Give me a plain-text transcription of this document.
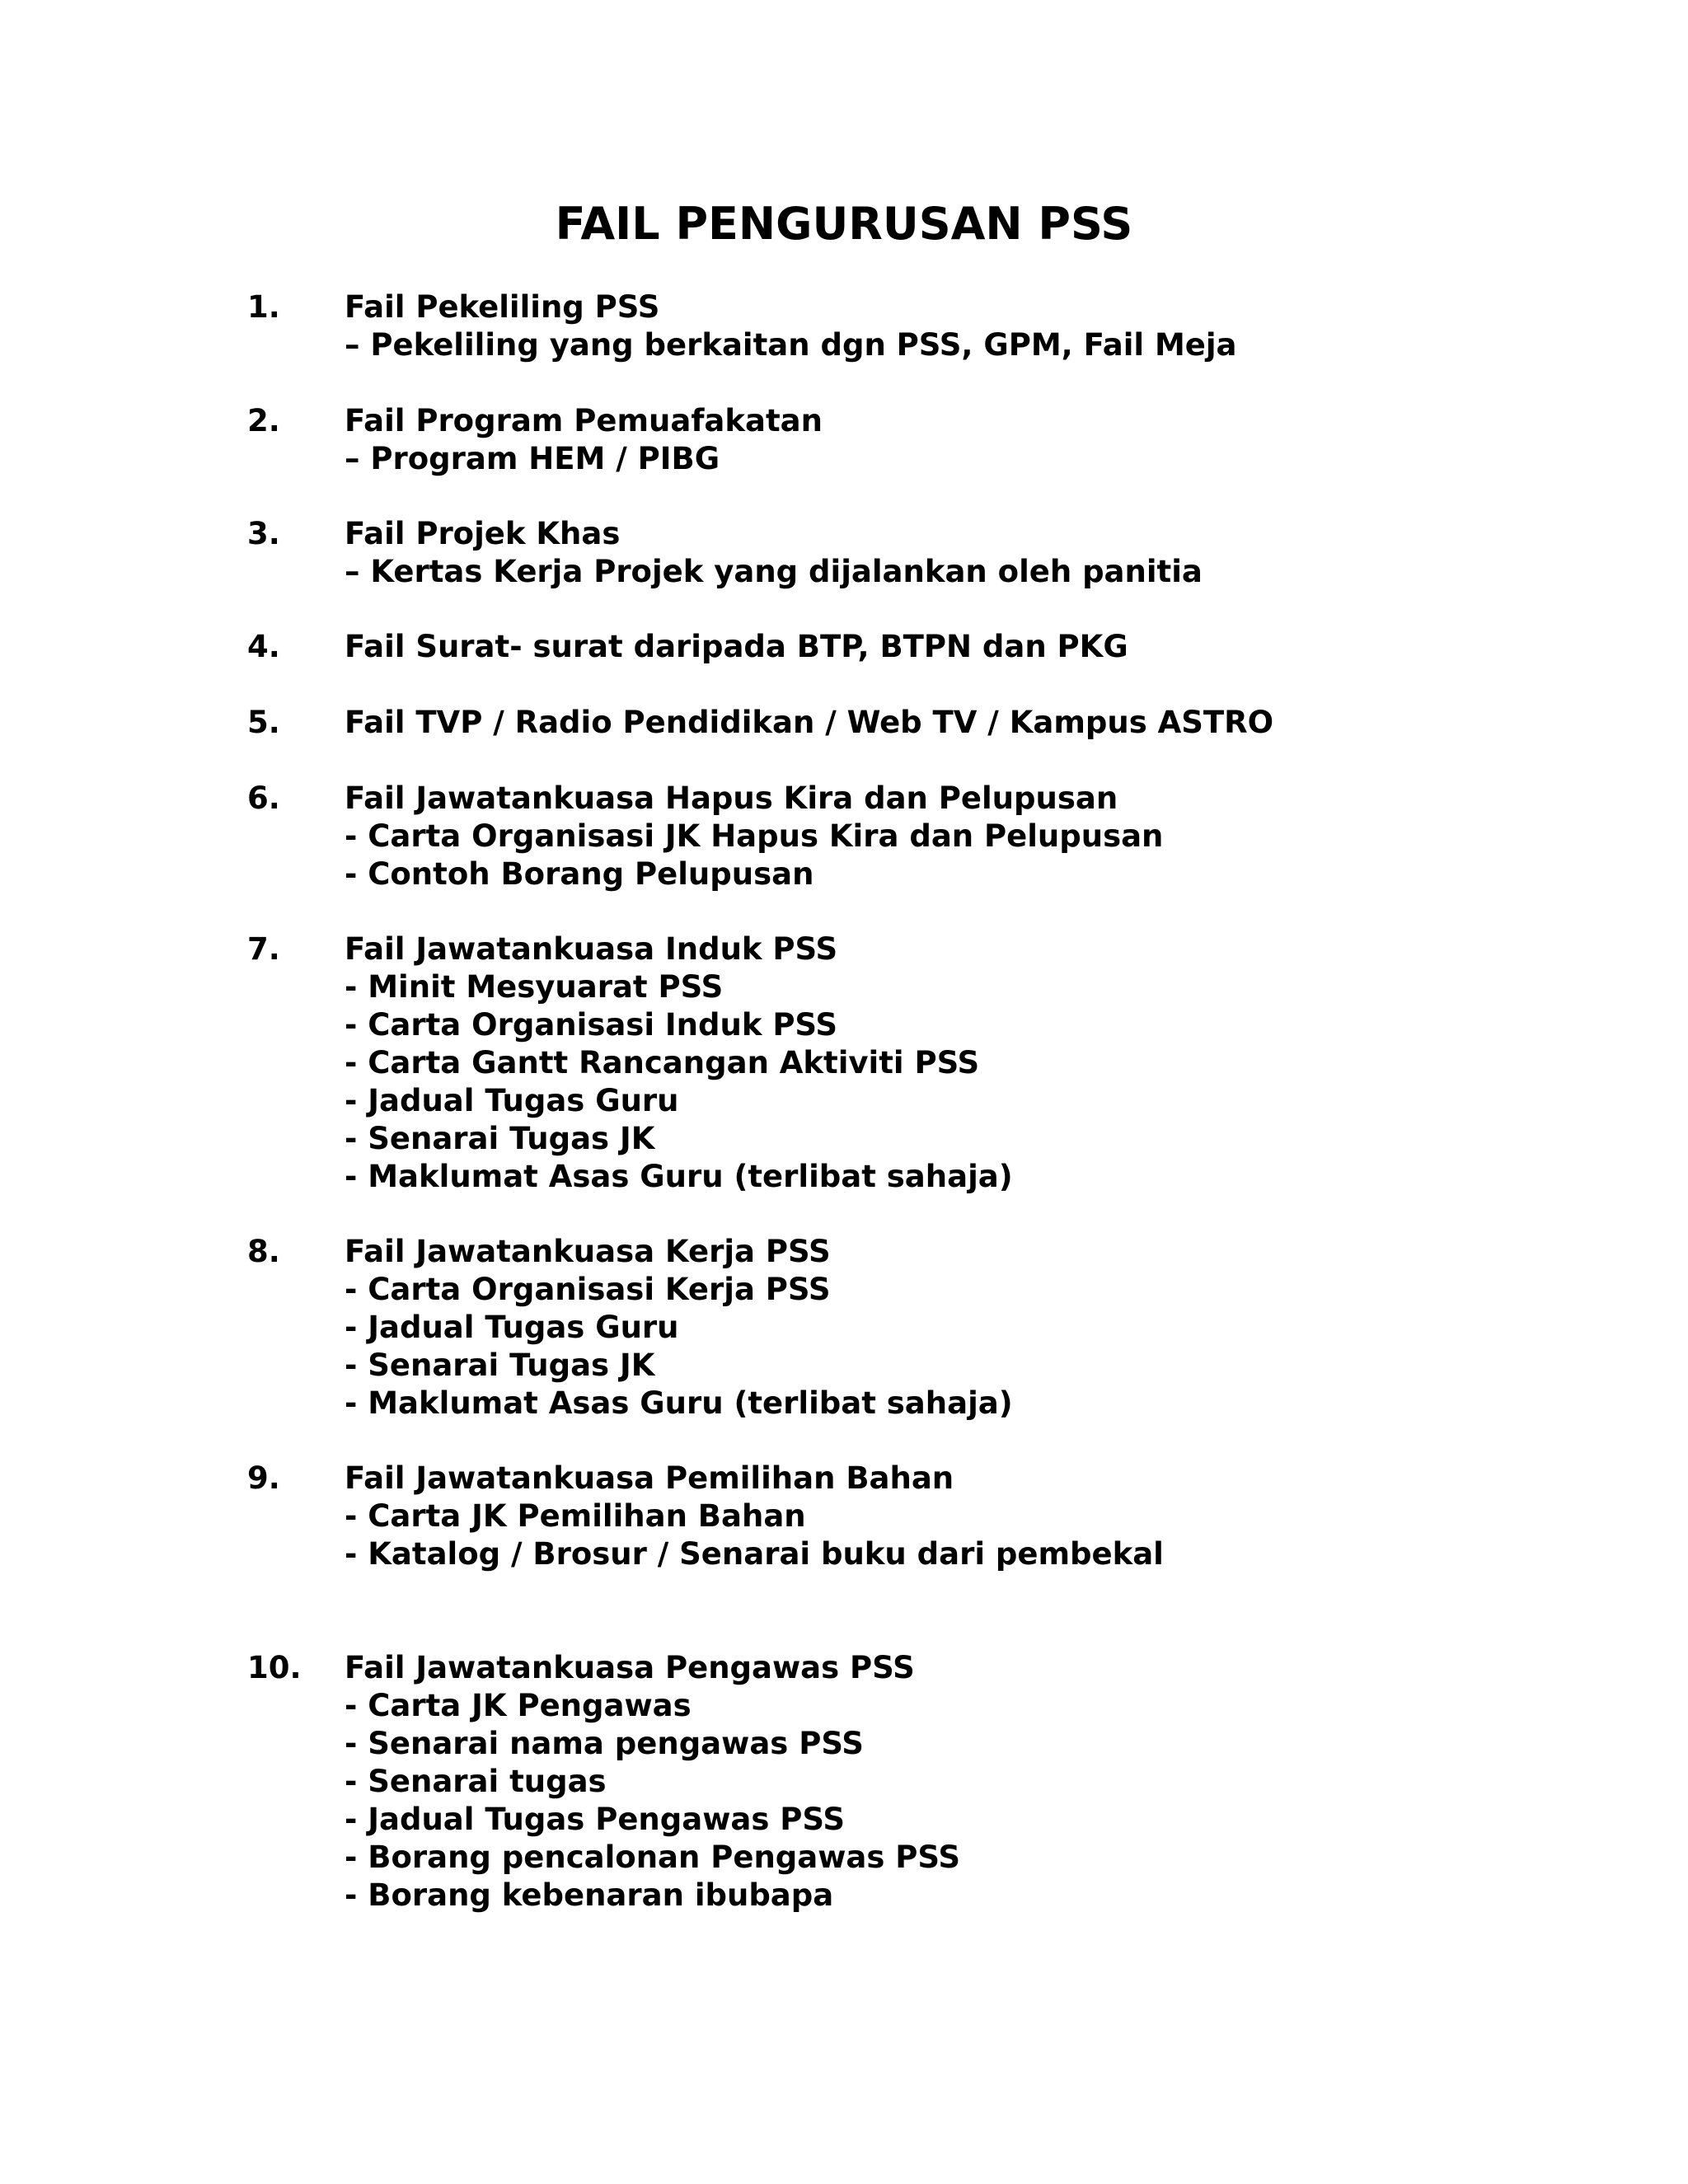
FAIL PENGURUSAN PSS
1.	Fail Pekeliling PSS
– Pekeliling yang berkaitan dgn PSS, GPM, Fail Meja
2.	Fail Program Pemuafakatan
– Program HEM / PIBG
3.	Fail Projek Khas
– Kertas Kerja Projek yang dijalankan oleh panitia
4.	Fail Surat- surat daripada BTP, BTPN dan PKG
5.	Fail TVP / Radio Pendidikan / Web TV / Kampus ASTRO
6.	Fail Jawatankuasa Hapus Kira dan Pelupusan
- Carta Organisasi JK Hapus Kira dan Pelupusan
- Contoh Borang Pelupusan
7.	Fail Jawatankuasa Induk PSS
- Minit Mesyuarat PSS
- Carta Organisasi Induk PSS
- Carta Gantt Rancangan Aktiviti PSS
- Jadual Tugas Guru
- Senarai Tugas JK
- Maklumat Asas Guru (terlibat sahaja)
8.	Fail Jawatankuasa Kerja PSS
- Carta Organisasi Kerja PSS
- Jadual Tugas Guru
- Senarai Tugas JK
- Maklumat Asas Guru (terlibat sahaja)
9.	Fail Jawatankuasa Pemilihan Bahan
- Carta JK Pemilihan Bahan
- Katalog / Brosur / Senarai buku dari pembekal
10.	Fail Jawatankuasa Pengawas PSS
- Carta JK Pengawas
- Senarai nama pengawas PSS
- Senarai tugas
- Jadual Tugas Pengawas PSS
- Borang pencalonan Pengawas PSS
- Borang kebenaran ibubapa
